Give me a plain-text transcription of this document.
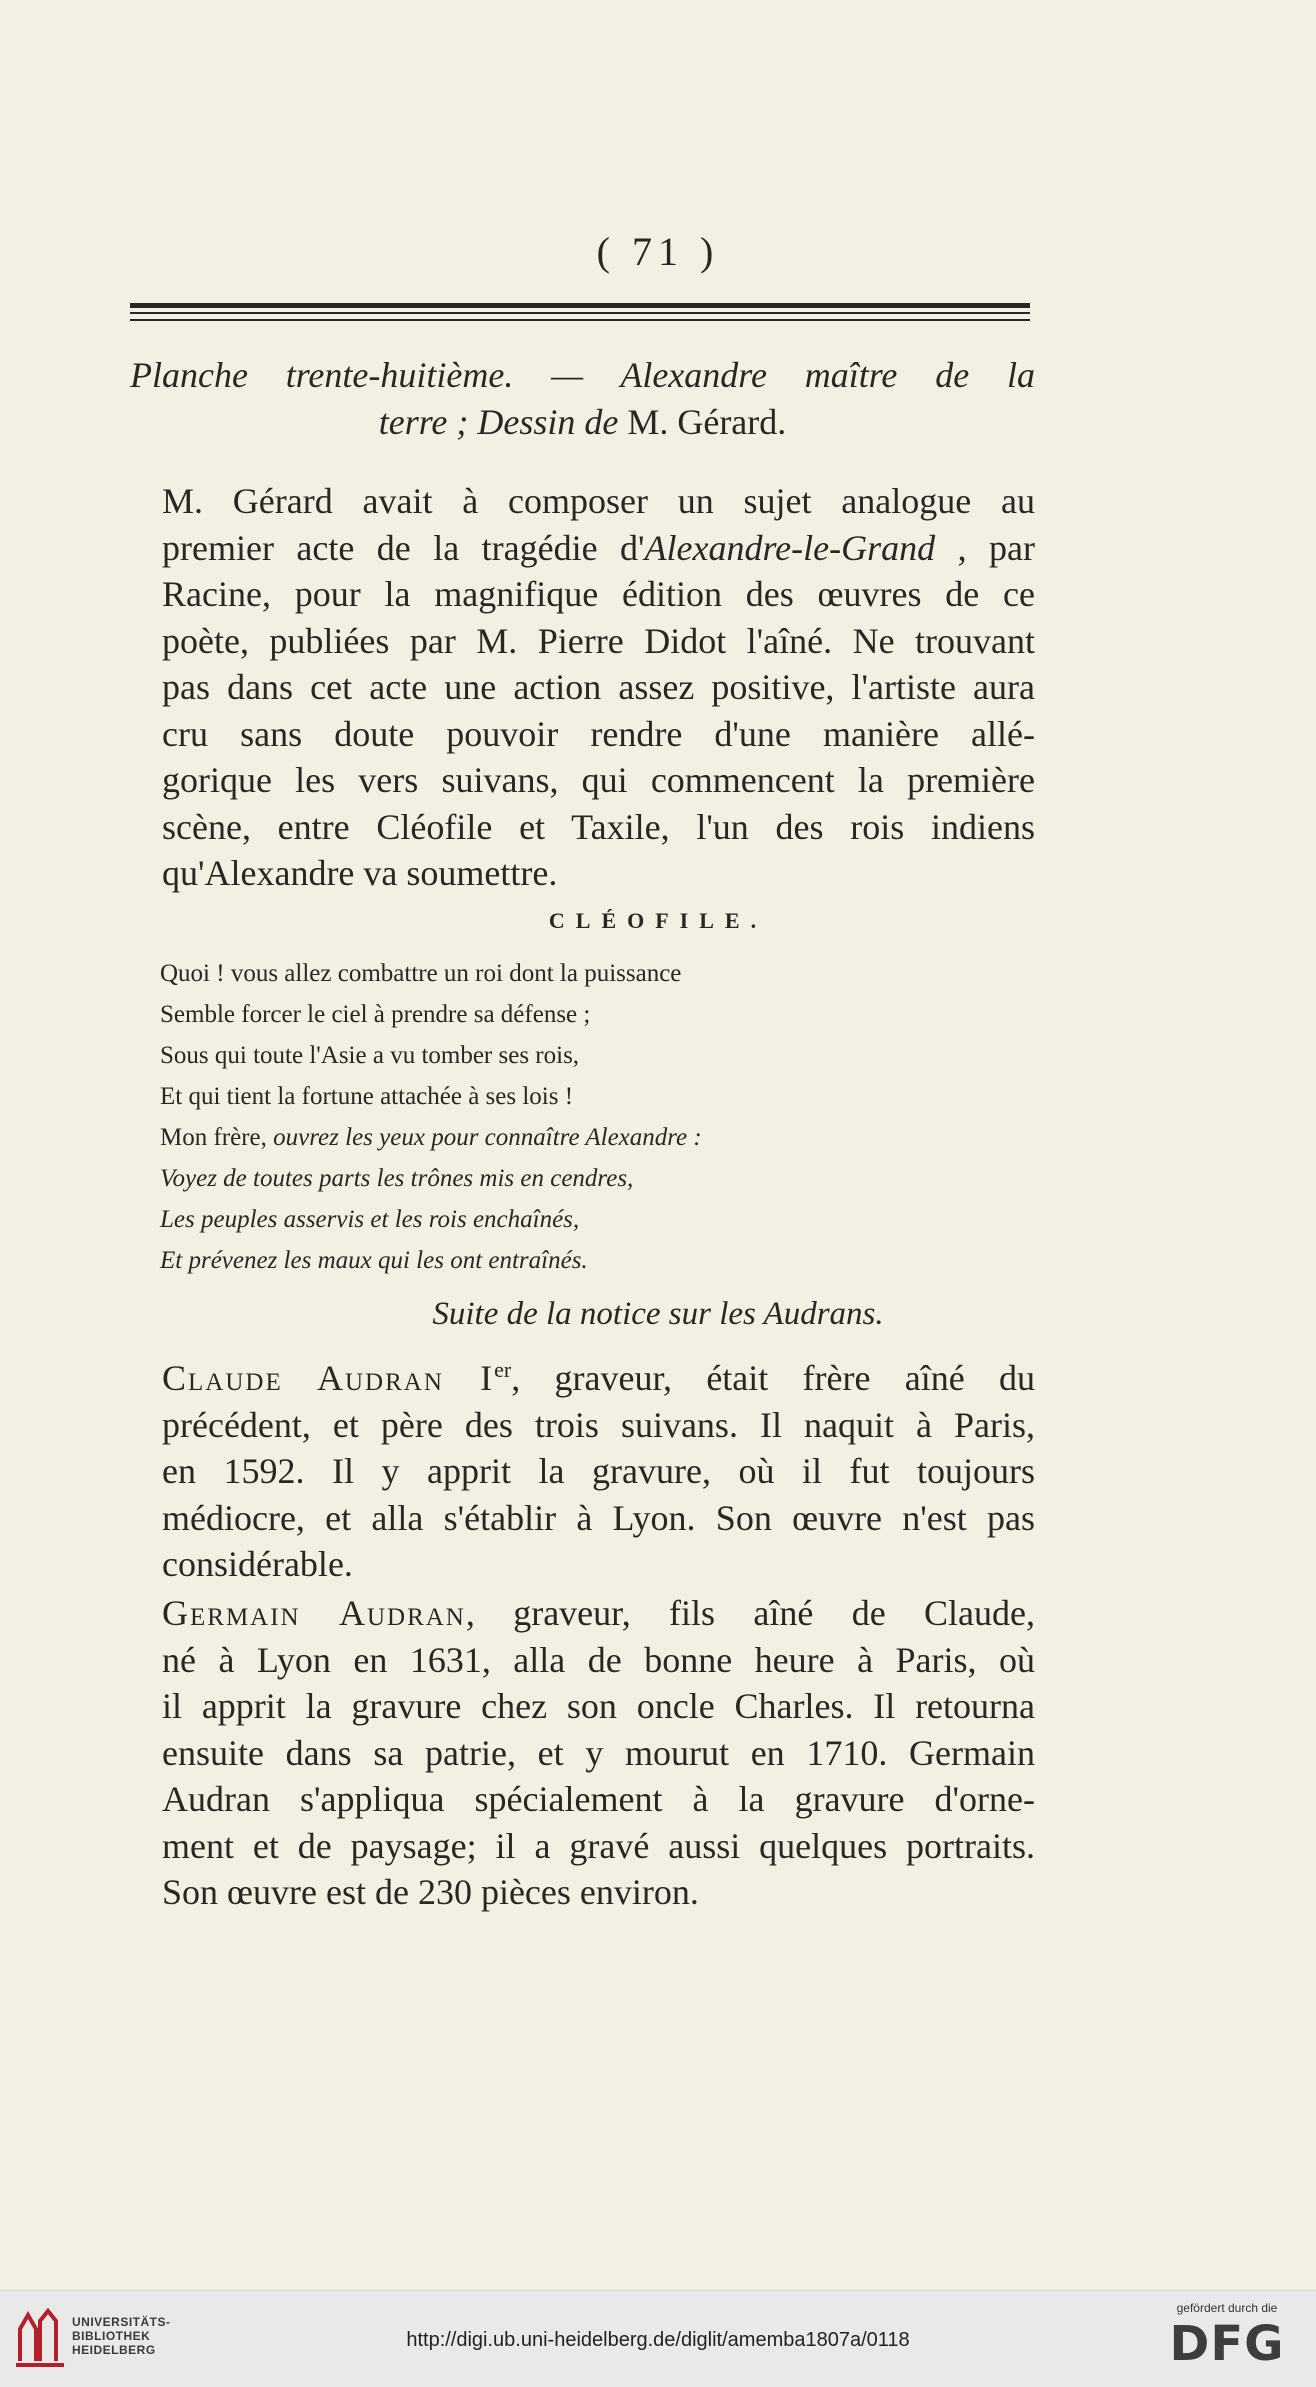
( 71 )
Planche trente-huitième. — Alexandre maître de la
terre ; Dessin de M. Gérard.
M. Gérard avait à composer un sujet analogue au
premier acte de la tragédie d'Alexandre-le-Grand , par
Racine, pour la magnifique édition des œuvres de ce
poète, publiées par M. Pierre Didot l'aîné. Ne trouvant
pas dans cet acte une action assez positive, l'artiste aura
cru sans doute pouvoir rendre d'une manière allé-
gorique les vers suivans, qui commencent la première
scène, entre Cléofile et Taxile, l'un des rois indiens
qu'Alexandre va soumettre.
CLÉOFILE.
Quoi ! vous allez combattre un roi dont la puissance
Semble forcer le ciel à prendre sa défense ;
Sous qui toute l'Asie a vu tomber ses rois,
Et qui tient la fortune attachée à ses lois !
Mon frère, ouvrez les yeux pour connaître Alexandre :
Voyez de toutes parts les trônes mis en cendres,
Les peuples asservis et les rois enchaînés,
Et prévenez les maux qui les ont entraînés.
Suite de la notice sur les Audrans.
Claude Audran Ier, graveur, était frère aîné du
précédent, et père des trois suivans. Il naquit à Paris,
en 1592. Il y apprit la gravure, où il fut toujours
médiocre, et alla s'établir à Lyon. Son œuvre n'est pas
considérable.
Germain Audran, graveur, fils aîné de Claude,
né à Lyon en 1631, alla de bonne heure à Paris, où
il apprit la gravure chez son oncle Charles. Il retourna
ensuite dans sa patrie, et y mourut en 1710. Germain
Audran s'appliqua spécialement à la gravure d'orne-
ment et de paysage; il a gravé aussi quelques portraits.
Son œuvre est de 230 pièces environ.
UNIVERSITÄTS-
BIBLIOTHEK
HEIDELBERG	http://digi.ub.uni-heidelberg.de/diglit/amemba1807a/0118
gefördert durch die
DFG
